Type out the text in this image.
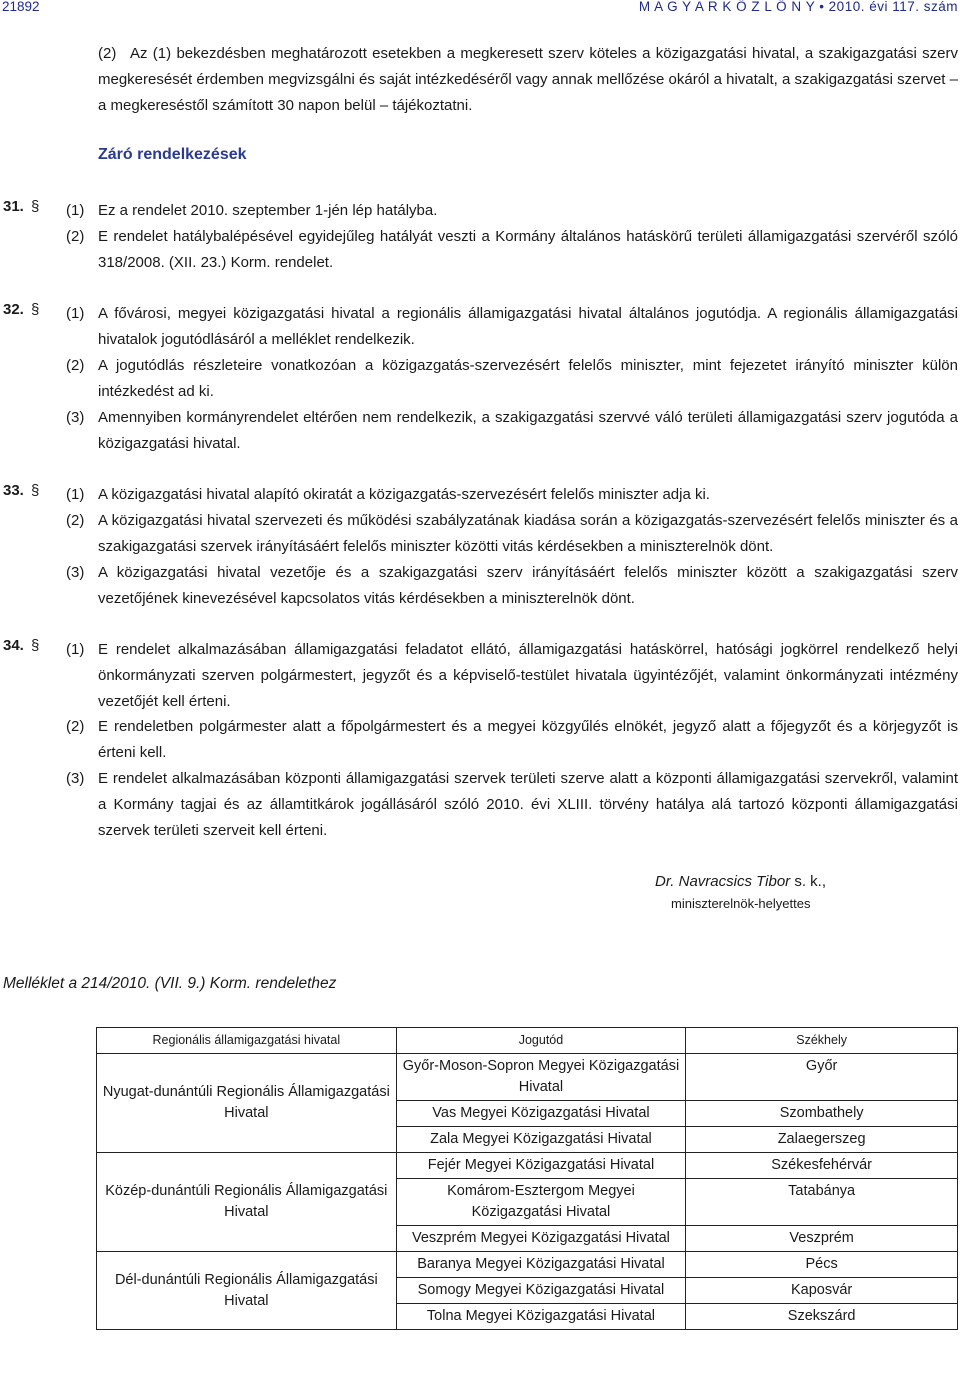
21892	M A G Y A R K Ö Z L Ö N Y • 2010. évi 117. szám
(2) Az (1) bekezdésben meghatározott esetekben a megkeresett szerv köteles a közigazgatási hivatal, a szakigazgatási szerv megkeresését érdemben megvizsgálni és saját intézkedéséről vagy annak mellőzése okáról a hivatalt, a szakigazgatási szervet – a megkereséstől számított 30 napon belül – tájékoztatni.
Záró rendelkezések
31. § (1) Ez a rendelet 2010. szeptember 1-jén lép hatályba.
(2) E rendelet hatálybalépésével egyidejűleg hatályát veszti a Kormány általános hatáskörű területi államigazgatási szervéről szóló 318/2008. (XII. 23.) Korm. rendelet.
32. § (1) A fővárosi, megyei közigazgatási hivatal a regionális államigazgatási hivatal általános jogutódja. A regionális államigazgatási hivatalok jogutódlásáról a melléklet rendelkezik.
(2) A jogutódlás részleteire vonatkozóan a közigazgatás-szervezésért felelős miniszter, mint fejezetet irányító miniszter külön intézkedést ad ki.
(3) Amennyiben kormányrendelet eltérően nem rendelkezik, a szakigazgatási szervvé váló területi államigazgatási szerv jogutóda a közigazgatási hivatal.
33. § (1) A közigazgatási hivatal alapító okiratát a közigazgatás-szervezésért felelős miniszter adja ki.
(2) A közigazgatási hivatal szervezeti és működési szabályzatának kiadása során a közigazgatás-szervezésért felelős miniszter és a szakigazgatási szervek irányításáért felelős miniszter közötti vitás kérdésekben a miniszterelnök dönt.
(3) A közigazgatási hivatal vezetője és a szakigazgatási szerv irányításáért felelős miniszter között a szakigazgatási szerv vezetőjének kinevezésével kapcsolatos vitás kérdésekben a miniszterelnök dönt.
34. § (1) E rendelet alkalmazásában államigazgatási feladatot ellátó, államigazgatási hatáskörrel, hatósági jogkörrel rendelkező helyi önkormányzati szerven polgármestert, jegyzőt és a képviselő-testület hivatala ügyintézőjét, valamint önkormányzati intézmény vezetőjét kell érteni.
(2) E rendeletben polgármester alatt a főpolgármestert és a megyei közgyűlés elnökét, jegyző alatt a főjegyzőt és a körjegyzőt is érteni kell.
(3) E rendelet alkalmazásában központi államigazgatási szervek területi szerve alatt a központi államigazgatási szervekről, valamint a Kormány tagjai és az államtitkárok jogállásáról szóló 2010. évi XLIII. törvény hatálya alá tartozó központi államigazgatási szervek területi szerveit kell érteni.
Dr. Navracsics Tibor s. k.,
miniszterelnök-helyettes
Melléklet a 214/2010. (VII. 9.) Korm. rendelethez
Regionális államigazgatási hivatal	Jogutód	Székhely
Nyugat-dunántúli Regionális Államigazgatási Hivatal	Győr-Moson-Sopron Megyei Közigazgatási Hivatal	Győr
	Vas Megyei Közigazgatási Hivatal	Szombathely
	Zala Megyei Közigazgatási Hivatal	Zalaegerszeg
Közép-dunántúli Regionális Államigazgatási Hivatal	Fejér Megyei Közigazgatási Hivatal	Székesfehérvár
	Komárom-Esztergom Megyei Közigazgatási Hivatal	Tatabánya
	Veszprém Megyei Közigazgatási Hivatal	Veszprém
Dél-dunántúli Regionális Államigazgatási Hivatal	Baranya Megyei Közigazgatási Hivatal	Pécs
	Somogy Megyei Közigazgatási Hivatal	Kaposvár
	Tolna Megyei Közigazgatási Hivatal	Szekszárd
